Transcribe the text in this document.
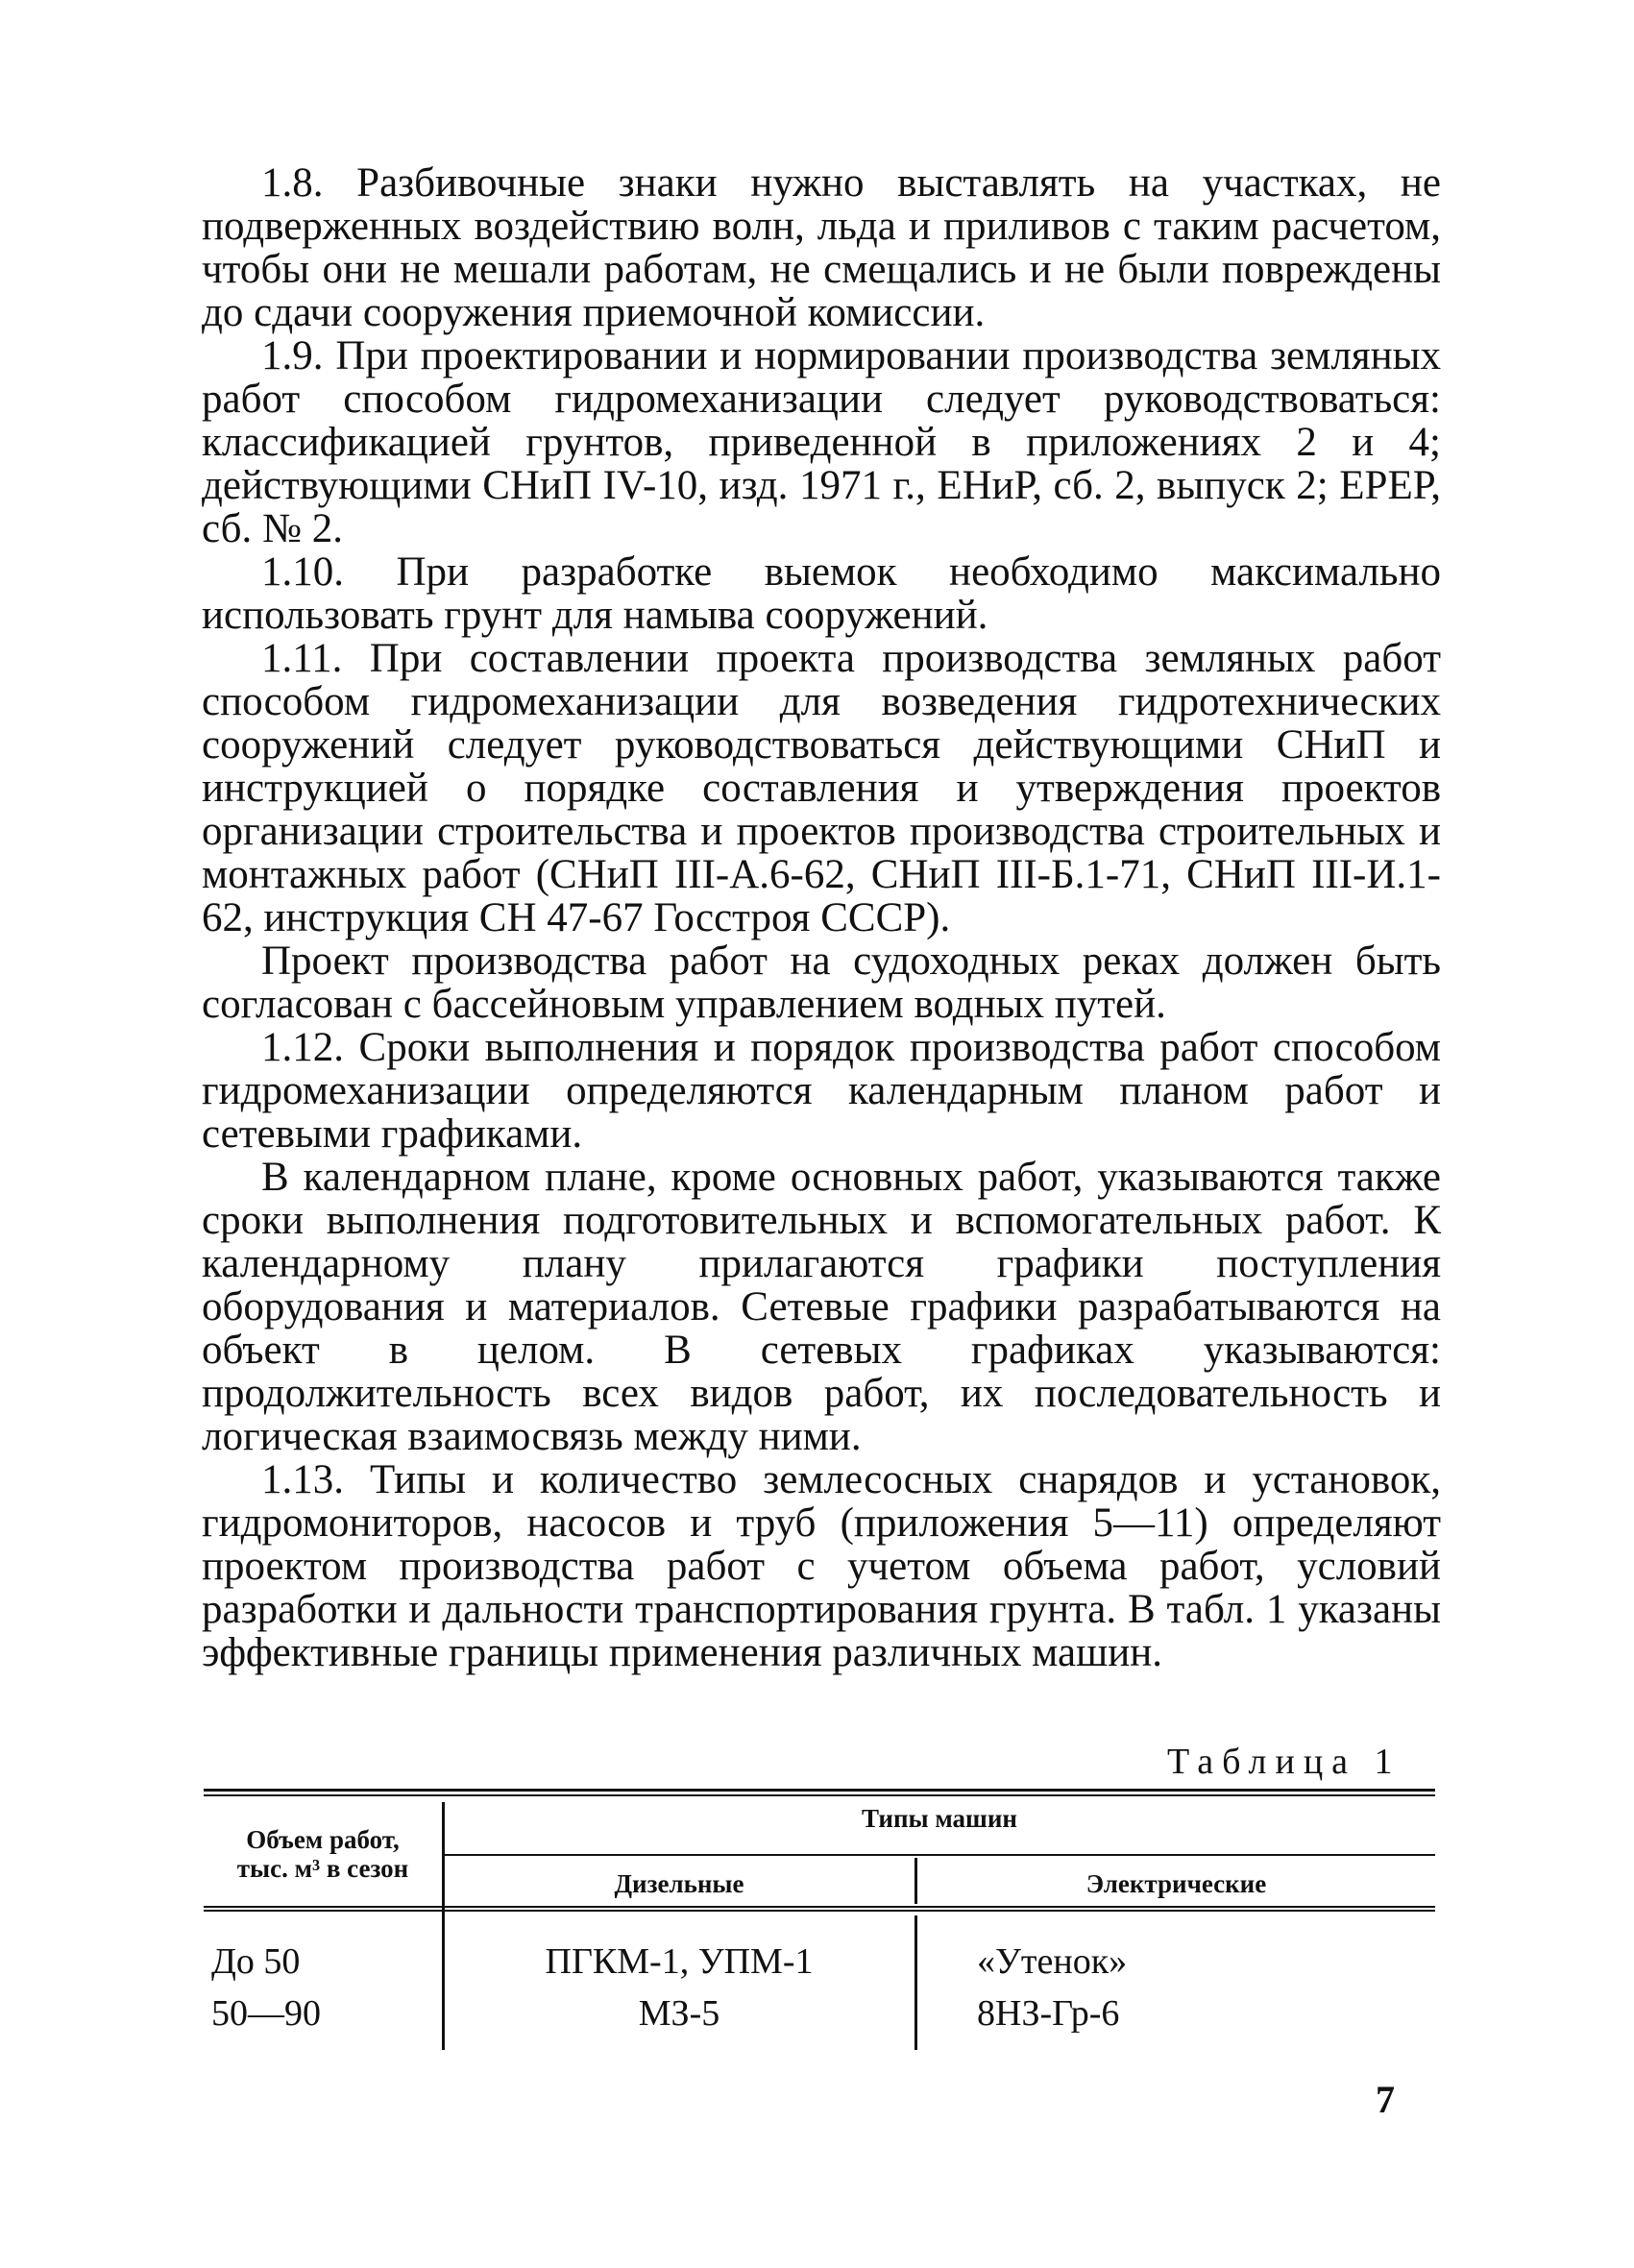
1.8. Разбивочные знаки нужно выставлять на участках, не подверженных воздействию волн, льда и приливов с таким расчетом, чтобы они не мешали работам, не смещались и не были повреждены до сдачи сооружения приемочной комиссии.

1.9. При проектировании и нормировании производства земляных работ способом гидромеханизации следует руководствоваться: классификацией грунтов, приведенной в приложениях 2 и 4; действующими СНиП IV-10, изд. 1971 г., ЕНиР, сб. 2, выпуск 2; ЕРЕР, сб. № 2.

1.10. При разработке выемок необходимо максимально использовать грунт для намыва сооружений.

1.11. При составлении проекта производства земляных работ способом гидромеханизации для возведения гидротехнических сооружений следует руководствоваться действующими СНиП и инструкцией о порядке составления и утверждения проектов организации строительства и проектов производства строительных и монтажных работ (СНиП III-А.6-62, СНиП III-Б.1-71, СНиП III-И.1-62, инструкция СН 47-67 Госстроя СССР).

Проект производства работ на судоходных реках должен быть согласован с бассейновым управлением водных путей.

1.12. Сроки выполнения и порядок производства работ способом гидромеханизации определяются календарным планом работ и сетевыми графиками.

В календарном плане, кроме основных работ, указываются также сроки выполнения подготовительных и вспомогательных работ. К календарному плану прилагаются графики поступления оборудования и материалов. Сетевые графики разрабатываются на объект в целом. В сетевых графиках указываются: продолжительность всех видов работ, их последовательность и логическая взаимосвязь между ними.

1.13. Типы и количество землесосных снарядов и установок, гидромониторов, насосов и труб (приложения 5—11) определяют проектом производства работ с учетом объема работ, условий разработки и дальности транспортирования грунта. В табл. 1 указаны эффективные границы применения различных машин.

Таблица 1
Объем работ,
тыс. м³ в сезон
Типы машин
Дизельные	Электрические
До 50	ПГКМ-1, УПМ-1	«Утенок»
50—90	МЗ-5	8НЗ-Гр-6
7
